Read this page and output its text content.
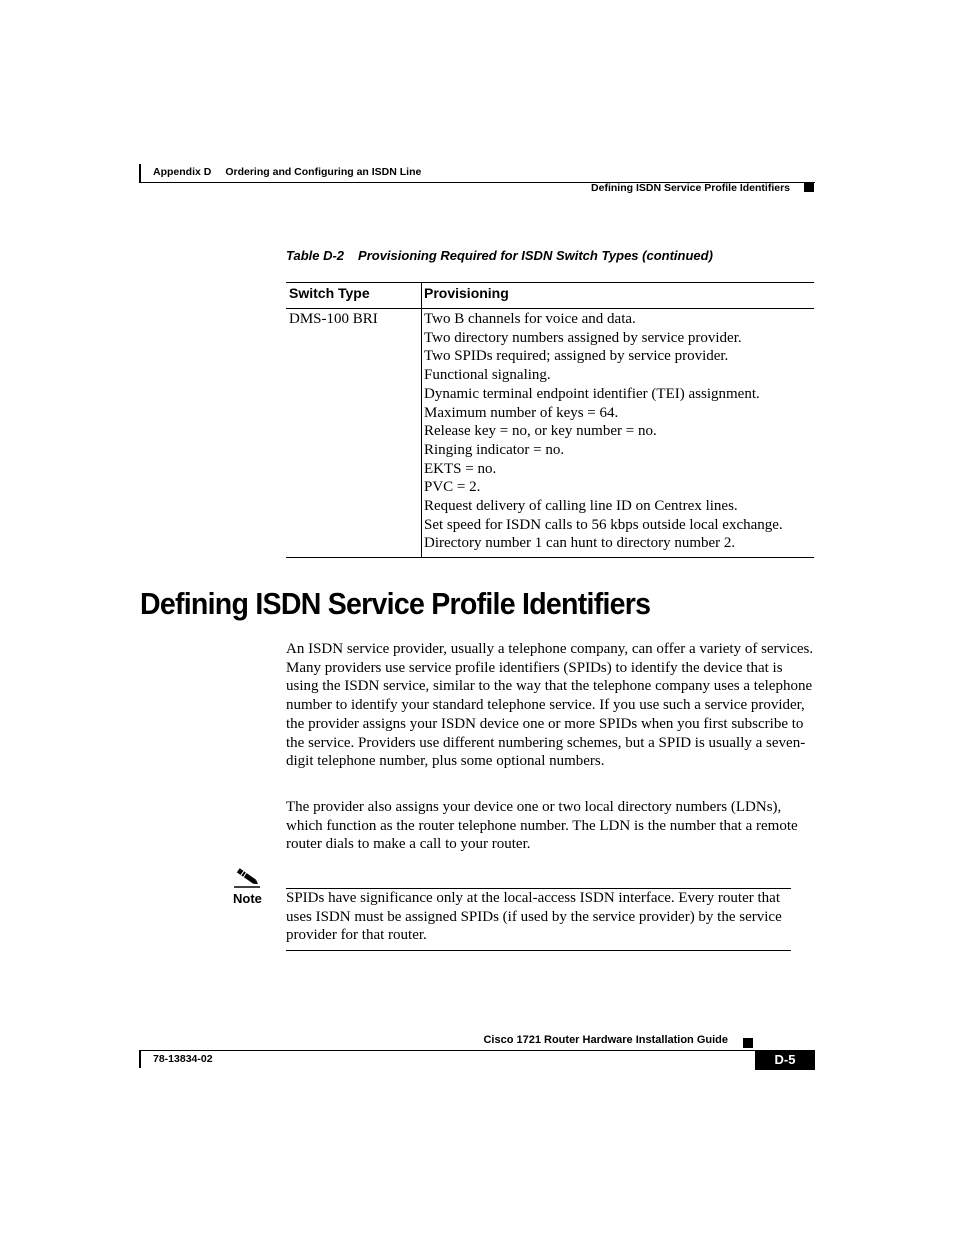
Appendix D Ordering and Configuring an ISDN Line
Defining ISDN Service Profile Identifiers
Table D-2 Provisioning Required for ISDN Switch Types (continued)
Switch Type	Provisioning
DMS-100 BRI	Two B channels for voice and data.
Two directory numbers assigned by service provider.
Two SPIDs required; assigned by service provider.
Functional signaling.
Dynamic terminal endpoint identifier (TEI) assignment.
Maximum number of keys = 64.
Release key = no, or key number = no.
Ringing indicator = no.
EKTS = no.
PVC = 2.
Request delivery of calling line ID on Centrex lines.
Set speed for ISDN calls to 56 kbps outside local exchange.
Directory number 1 can hunt to directory number 2.
Defining ISDN Service Profile Identifiers
An ISDN service provider, usually a telephone company, can offer a variety of services. Many providers use service profile identifiers (SPIDs) to identify the device that is using the ISDN service, similar to the way that the telephone company uses a telephone number to identify your standard telephone service. If you use such a service provider, the provider assigns your ISDN device one or more SPIDs when you first subscribe to the service. Providers use different numbering schemes, but a SPID is usually a seven-digit telephone number, plus some optional numbers.
The provider also assigns your device one or two local directory numbers (LDNs), which function as the router telephone number. The LDN is the number that a remote router dials to make a call to your router.
Note SPIDs have significance only at the local-access ISDN interface. Every router that uses ISDN must be assigned SPIDs (if used by the service provider) by the service provider for that router.
Cisco 1721 Router Hardware Installation Guide
78-13834-02	D-5
